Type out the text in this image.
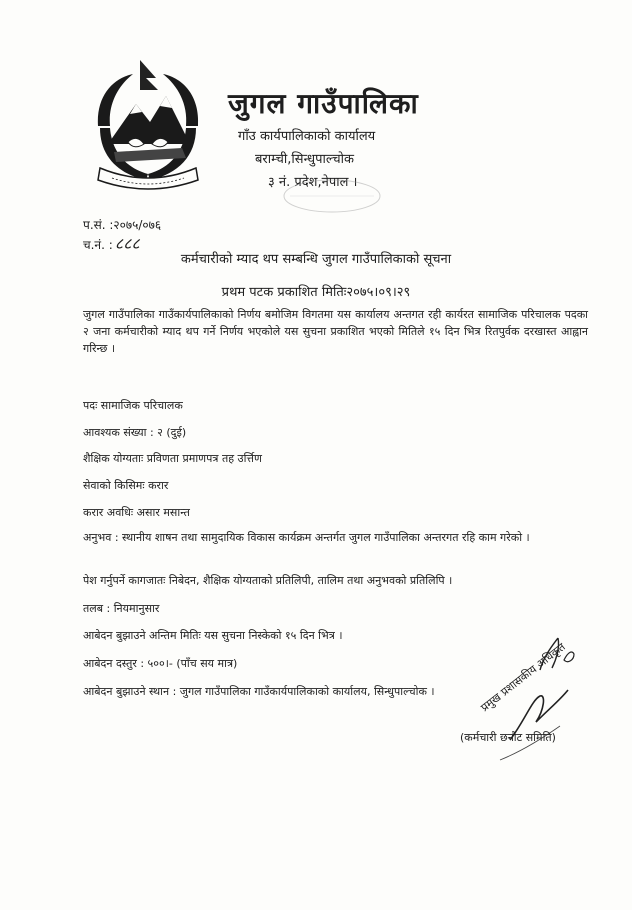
जुगल गाउँपालिका
गाँउ कार्यपालिकाको कार्यालय
बराम्ची,सिन्धुपाल्चोक
३ नं. प्रदेश,नेपाल ।
प.सं. :२०७५/०७६
च.नं. : ८८८
कर्मचारीको म्याद थप सम्बन्धि जुगल गाउँपालिकाको सूचना
प्रथम पटक प्रकाशित मितिः२०७५।०९।२९

जुगल गाउँपालिका गाउँकार्यपालिकाको निर्णय बमोजिम विगतमा यस कार्यालय अन्तगत रही कार्यरत सामाजिक परिचालक पदका २ जना कर्मचारीको म्याद थप गर्ने निर्णय भएकोले यस सुचना प्रकाशित भएको मितिले १५ दिन भित्र रितपुर्वक दरखास्त आह्वान गरिन्छ ।

पदः सामाजिक परिचालक
आवश्यक संख्या : २ (दुई)
शैक्षिक योग्यताः प्रविणता प्रमाणपत्र तह उर्त्तिण
सेवाको किसिमः करार
करार अवधिः असार मसान्त
अनुभव : स्थानीय शाषन तथा सामुदायिक विकास कार्यक्रम अन्तर्गत जुगल गाउँपालिका अन्तरगत रहि काम गरेको ।
पेश गर्नुपर्ने कागजातः निबेदन, शैक्षिक योग्यताको प्रतिलिपी, तालिम तथा अनुभवको प्रतिलिपि ।
तलब : नियमानुसार
आबेदन बुझाउने अन्तिम मितिः यस सुचना निस्केको १५ दिन भित्र ।
आबेदन दस्तुर : ५००।- (पाँच सय मात्र)
आबेदन बुझाउने स्थान : जुगल गाउँपालिका गाउँकार्यपालिकाको कार्यालय, सिन्धुपाल्चोक ।	प्रमुख प्रशासकीय अधिकृत
(कर्मचारी छनौट समिति)
